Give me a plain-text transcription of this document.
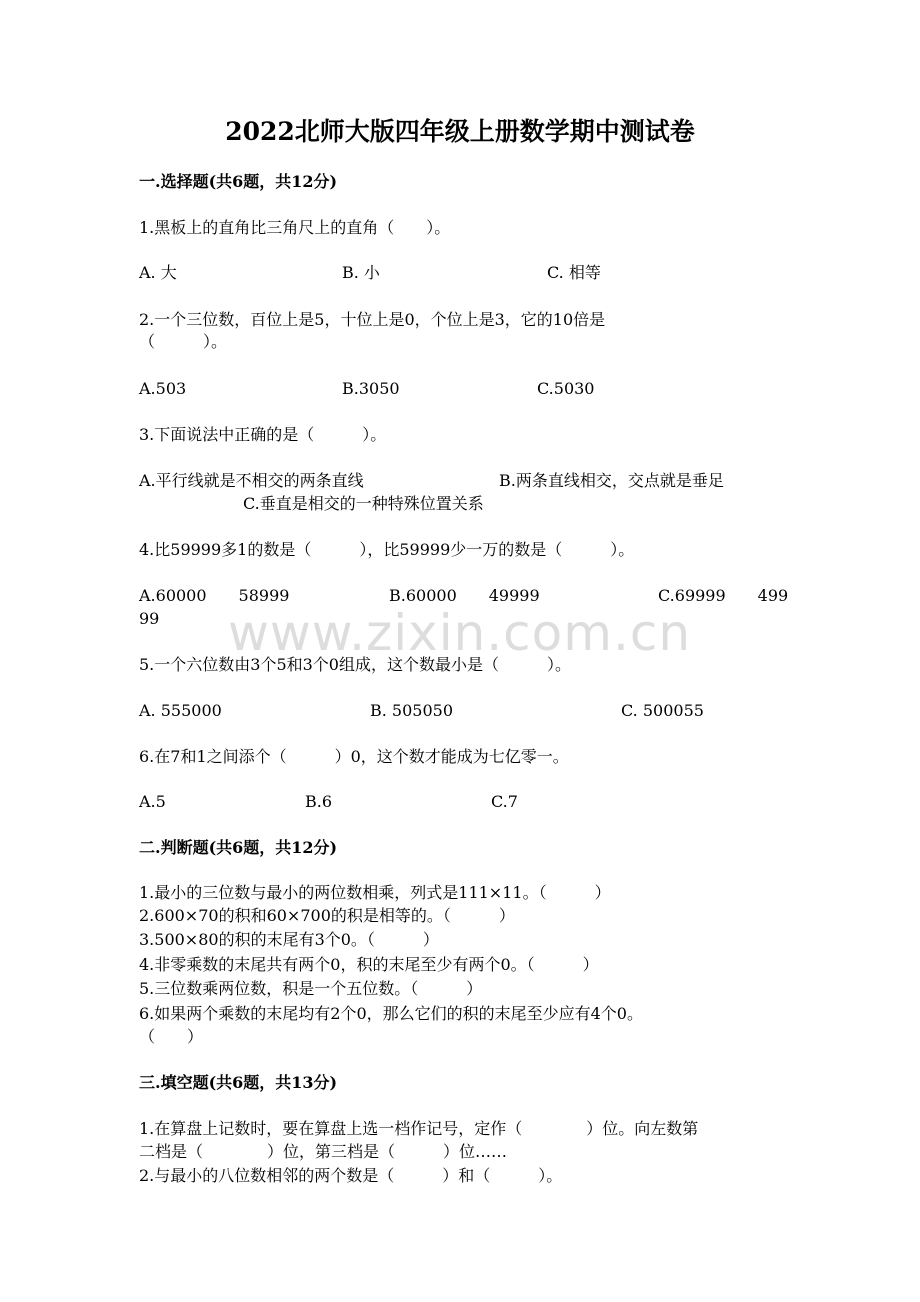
www.zixin.com.cn
2022北师大版四年级上册数学期中测试卷
一.选择题(共6题，共12分)
1.黑板上的直角比三角尺上的直角（　　）。
A. 大	B. 小	C. 相等
2.一个三位数，百位上是5，十位上是0，个位上是3，它的10倍是
（　　　）。
A.503	B.3050	C.5030
3.下面说法中正确的是（　　　）。
A.平行线就是不相交的两条直线	B.两条直线相交，交点就是垂足
C.垂直是相交的一种特殊位置关系
4.比59999多1的数是（　　　），比59999少一万的数是（　　　）。
A.60000　　58999	B.60000　　49999	C.69999　　499
99
5.一个六位数由3个5和3个0组成，这个数最小是（　　　）。
A. 555000	B. 505050	C. 500055
6.在7和1之间添个（　　　）0，这个数才能成为七亿零一。
A.5	B.6	C.7
二.判断题(共6题，共12分)
1.最小的三位数与最小的两位数相乘，列式是111×11。（　　　）
2.600×70的积和60×700的积是相等的。（　　　）
3.500×80的积的末尾有3个0。（　　　）
4.非零乘数的末尾共有两个0，积的末尾至少有两个0。（　　　）
5.三位数乘两位数，积是一个五位数。（　　　）
6.如果两个乘数的末尾均有2个0，那么它们的积的末尾至少应有4个0。
（　　）
三.填空题(共6题，共13分)
1.在算盘上记数时，要在算盘上选一档作记号，定作（　　　　）位。向左数第
二档是（　　　　）位，第三档是（　　　）位……
2.与最小的八位数相邻的两个数是（　　　）和（　　　）。
